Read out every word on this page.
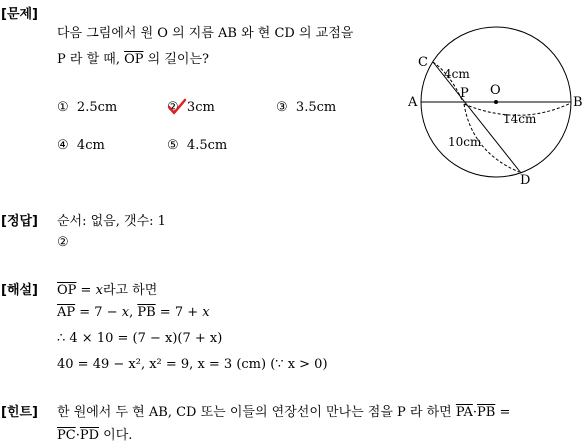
[문제]
다음 그림에서 원 O 의 지름 AB 와 현 CD 의 교점을
P 라 할 때, $\overline{OP}$ 의 길이는?
① 2.5cm	② 3cm	③ 3.5cm
④ 4cm	⑤ 4.5cm
C
A
P O
B
D
4cm
14cm
10cm
[정답] 순서: 없음, 갯수: 1
②
[해설] $\overline{OP} = x$라고 하면
$\overline{AP} = 7 - x$, $\overline{PB} = 7 + x$
∴ 4 × 10 = (7 − x)(7 + x)
40 = 49 − x², x² = 9, x = 3 (cm) (∵ x > 0)
[힌트] 한 원에서 두 현 AB, CD 또는 이들의 연장선이 만나는 점을 P 라 하면 $\overline{PA}\cdot\overline{PB}$ =
$\overline{PC}\cdot\overline{PD}$ 이다.
